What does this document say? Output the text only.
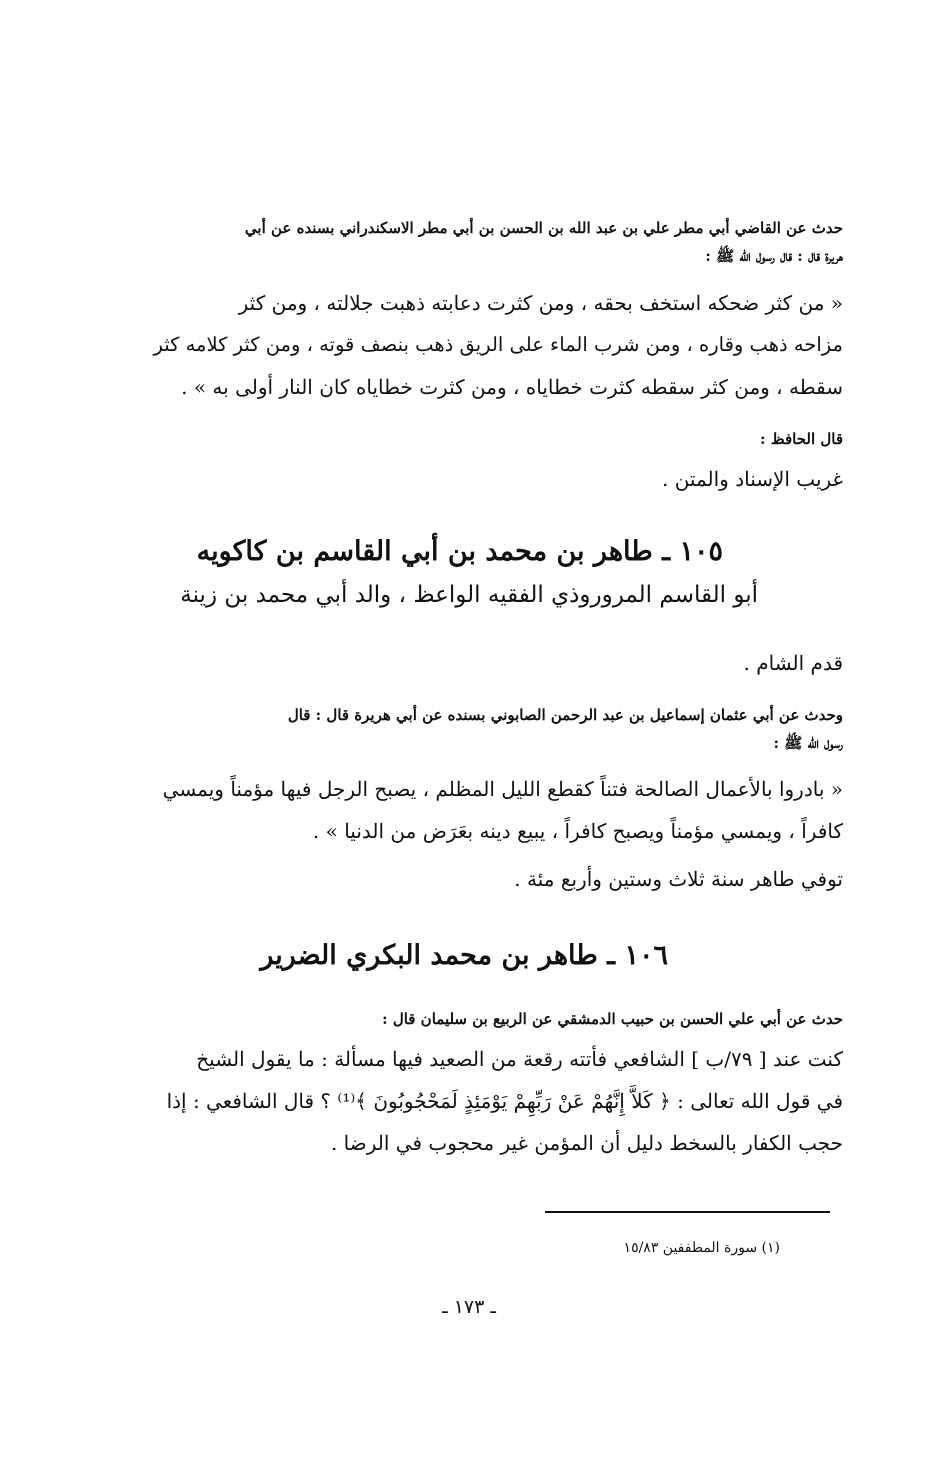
حدث عن القاضي أبي مطر علي بن عبد الله بن الحسن بن أبي مطر الاسكندراني بسنده عن أبي
هريرة قال : قال رسول الله ﷺ :
« من كثر ضحكه استخف بحقه ، ومن كثرت دعابته ذهبت جلالته ، ومن كثر
مزاحه ذهب وقاره ، ومن شرب الماء على الريق ذهب بنصف قوته ، ومن كثر كلامه كثر
سقطه ، ومن كثر سقطه كثرت خطاياه ، ومن كثرت خطاياه كان النار أولى به » .
قال الحافظ :
غريب الإسناد والمتن .
١٠٥ ـ طاهر بن محمد بن أبي القاسم بن كاكويه
أبو القاسم المروروذي الفقيه الواعظ ، والد أبي محمد بن زينة
قدم الشام .
وحدث عن أبي عثمان إسماعيل بن عبد الرحمن الصابوني بسنده عن أبي هريرة قال : قال
رسول الله ﷺ :
« بادروا بالأعمال الصالحة فتناً كقطع الليل المظلم ، يصبح الرجل فيها مؤمناً ويمسي
كافراً ، ويمسي مؤمناً ويصبح كافراً ، يبيع دينه بعَرَض من الدنيا » .
توفي طاهر سنة ثلاث وستين وأربع مئة .
١٠٦ ـ طاهر بن محمد البكري الضرير
حدث عن أبي علي الحسن بن حبيب الدمشقي عن الربيع بن سليمان قال :
كنت عند [ ٧٩/ب ] الشافعي فأتته رقعة من الصعيد فيها مسألة : ما يقول الشيخ
في قول الله تعالى : ﴿ كَلاَّ إِنَّهُمْ عَنْ رَبِّهِمْ يَوْمَئِذٍ لَمَحْجُوبُونَ ﴾⁽¹⁾ ؟ قال الشافعي : إذا
حجب الكفار بالسخط دليل أن المؤمن غير محجوب في الرضا .
(١) سورة المطففين ١٥/٨٣
ـ ١٧٣ ـ
